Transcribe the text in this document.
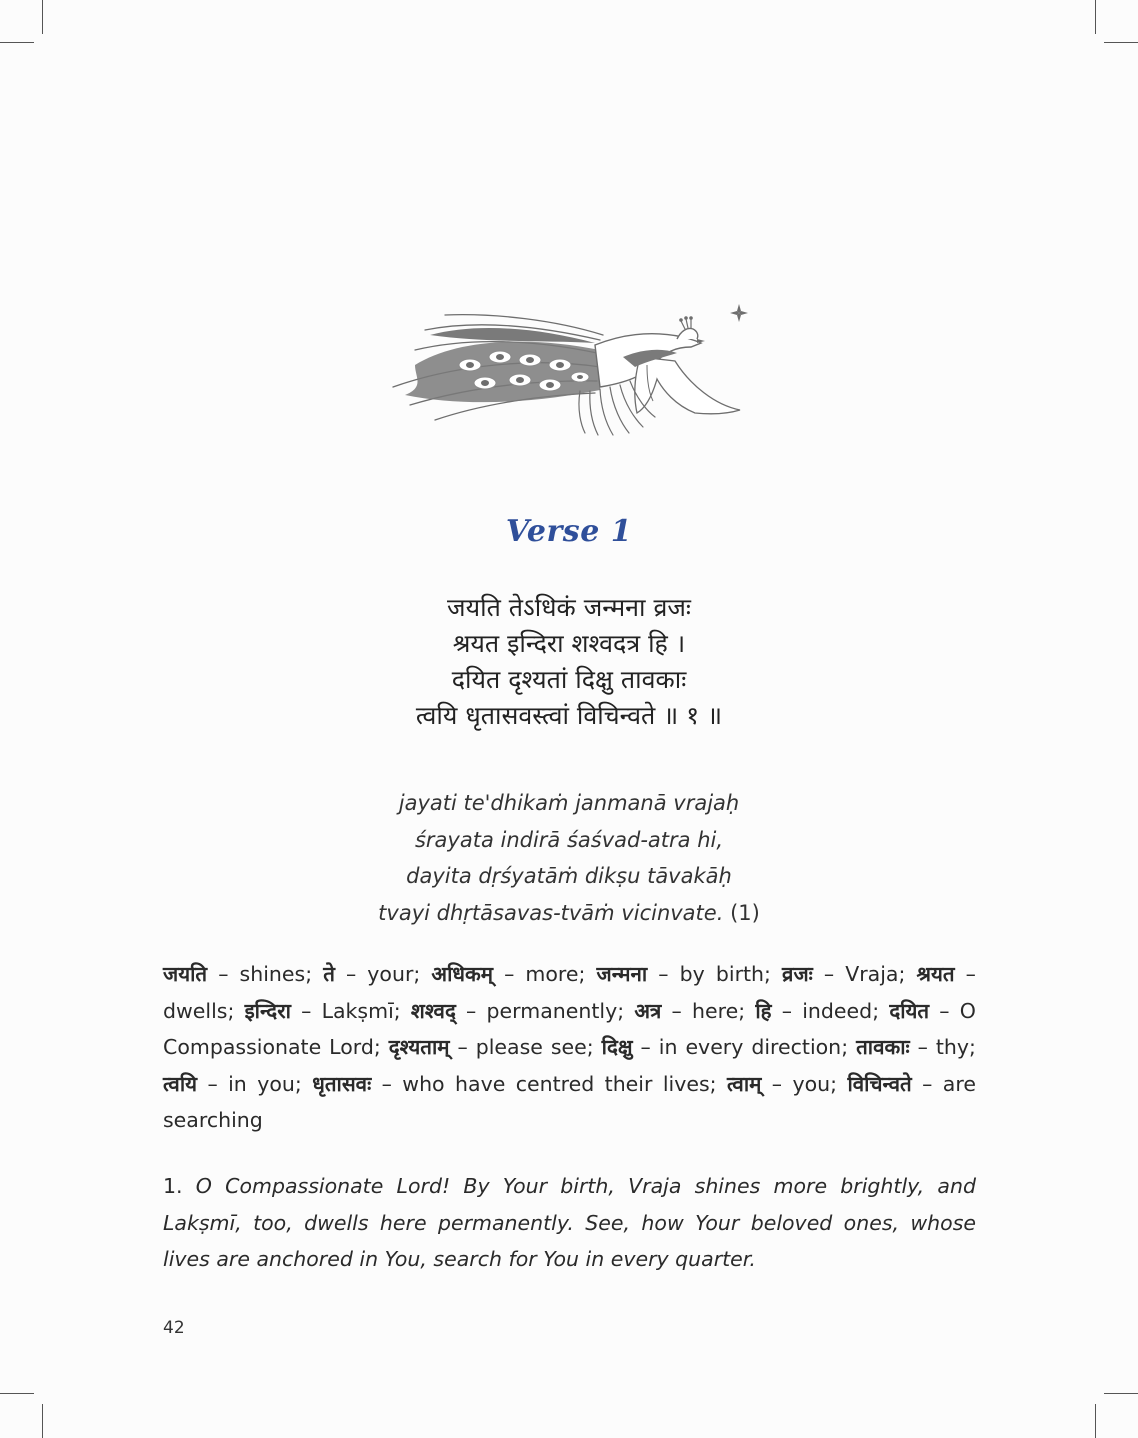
Verse 1
जयति तेऽधिकं जन्मना व्रजः
श्रयत इन्दिरा शश्वदत्र हि ।
दयित दृश्यतां दिक्षु तावकाः
त्वयि धृतासवस्त्वां विचिन्वते ॥ १ ॥
jayati te'dhikaṁ janmanā vrajaḥ
śrayata indirā śaśvad-atra hi,
dayita dṛśyatāṁ dikṣu tāvakāḥ
tvayi dhṛtāsavas-tvāṁ vicinvate. (1)
जयति – shines; ते – your; अधिकम् – more; जन्मना – by birth; व्रजः – Vraja; श्रयत – dwells; इन्दिरा – Lakṣmī; शश्वद् – permanently; अत्र – here; हि – indeed; दयित – O Compassionate Lord; दृश्यताम् – please see; दिक्षु – in every direction; तावकाः – thy; त्वयि – in you; धृतासवः – who have centred their lives; त्वाम् – you; विचिन्वते – are searching
1. O Compassionate Lord! By Your birth, Vraja shines more brightly, and Lakṣmī, too, dwells here permanently. See, how Your beloved ones, whose lives are anchored in You, search for You in every quarter.
42
